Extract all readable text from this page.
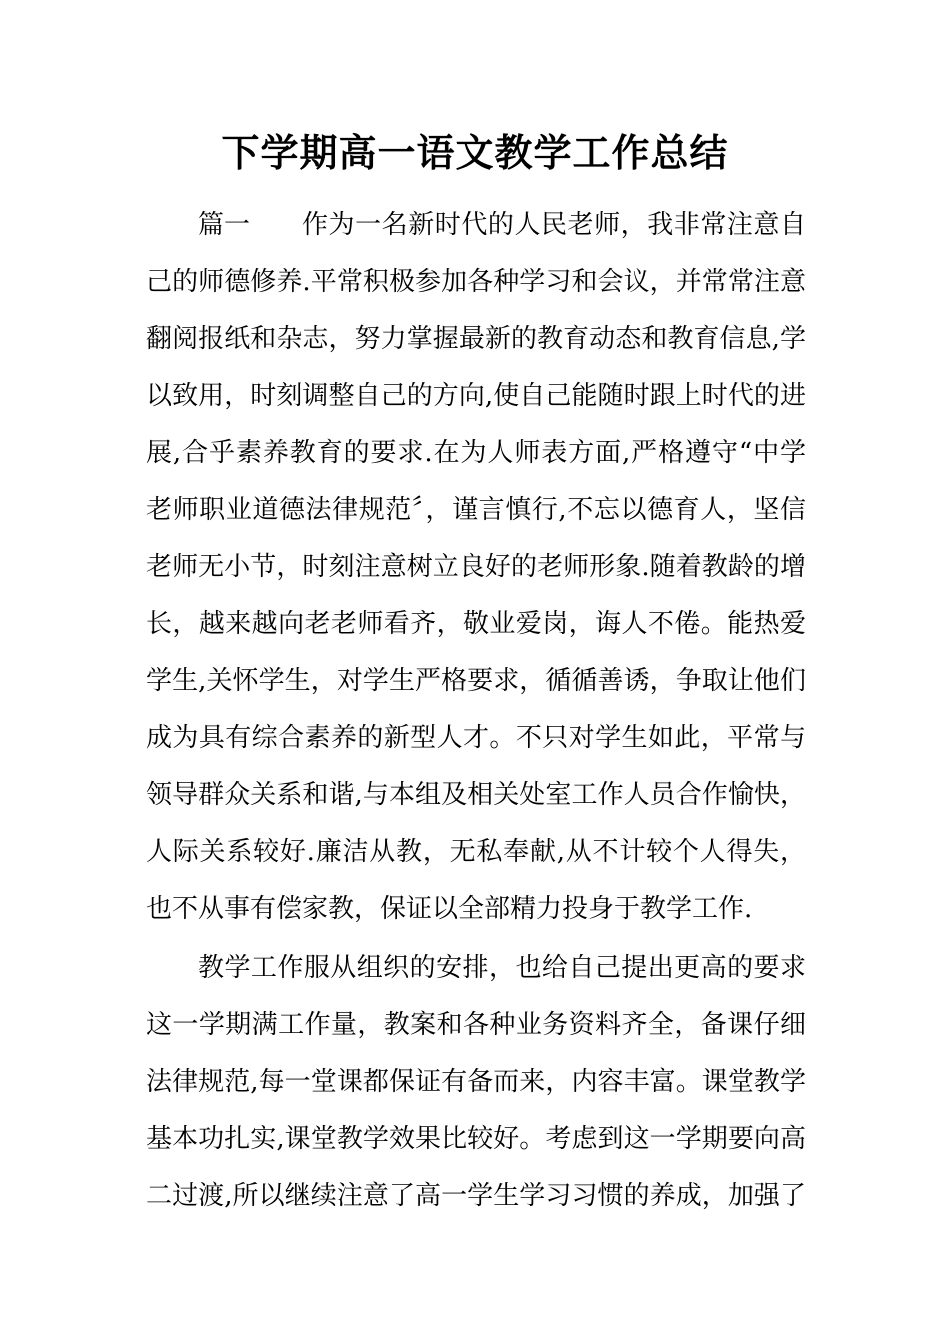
下学期高一语文教学工作总结
篇一	作为一名新时代的人民老师，我非常注意自
己的师德修养.平常积极参加各种学习和会议，并常常注意
翻阅报纸和杂志，努力掌握最新的教育动态和教育信息,学
以致用，时刻调整自己的方向,使自己能随时跟上时代的进
展,合乎素养教育的要求.在为人师表方面,严格遵守“中学
老师职业道德法律规范〞，谨言慎行,不忘以德育人，坚信
老师无小节，时刻注意树立良好的老师形象.随着教龄的增
长，越来越向老老师看齐，敬业爱岗，诲人不倦。能热爱
学生,关怀学生，对学生严格要求，循循善诱，争取让他们
成为具有综合素养的新型人才。不只对学生如此，平常与
领导群众关系和谐,与本组及相关处室工作人员合作愉快，
人际关系较好.廉洁从教，无私奉献,从不计较个人得失，
也不从事有偿家教，保证以全部精力投身于教学工作.
教学工作服从组织的安排，也给自己提出更高的要求
这一学期满工作量，教案和各种业务资料齐全，备课仔细
法律规范,每一堂课都保证有备而来，内容丰富。课堂教学
基本功扎实,课堂教学效果比较好。考虑到这一学期要向高
二过渡,所以继续注意了高一学生学习习惯的养成，加强了
